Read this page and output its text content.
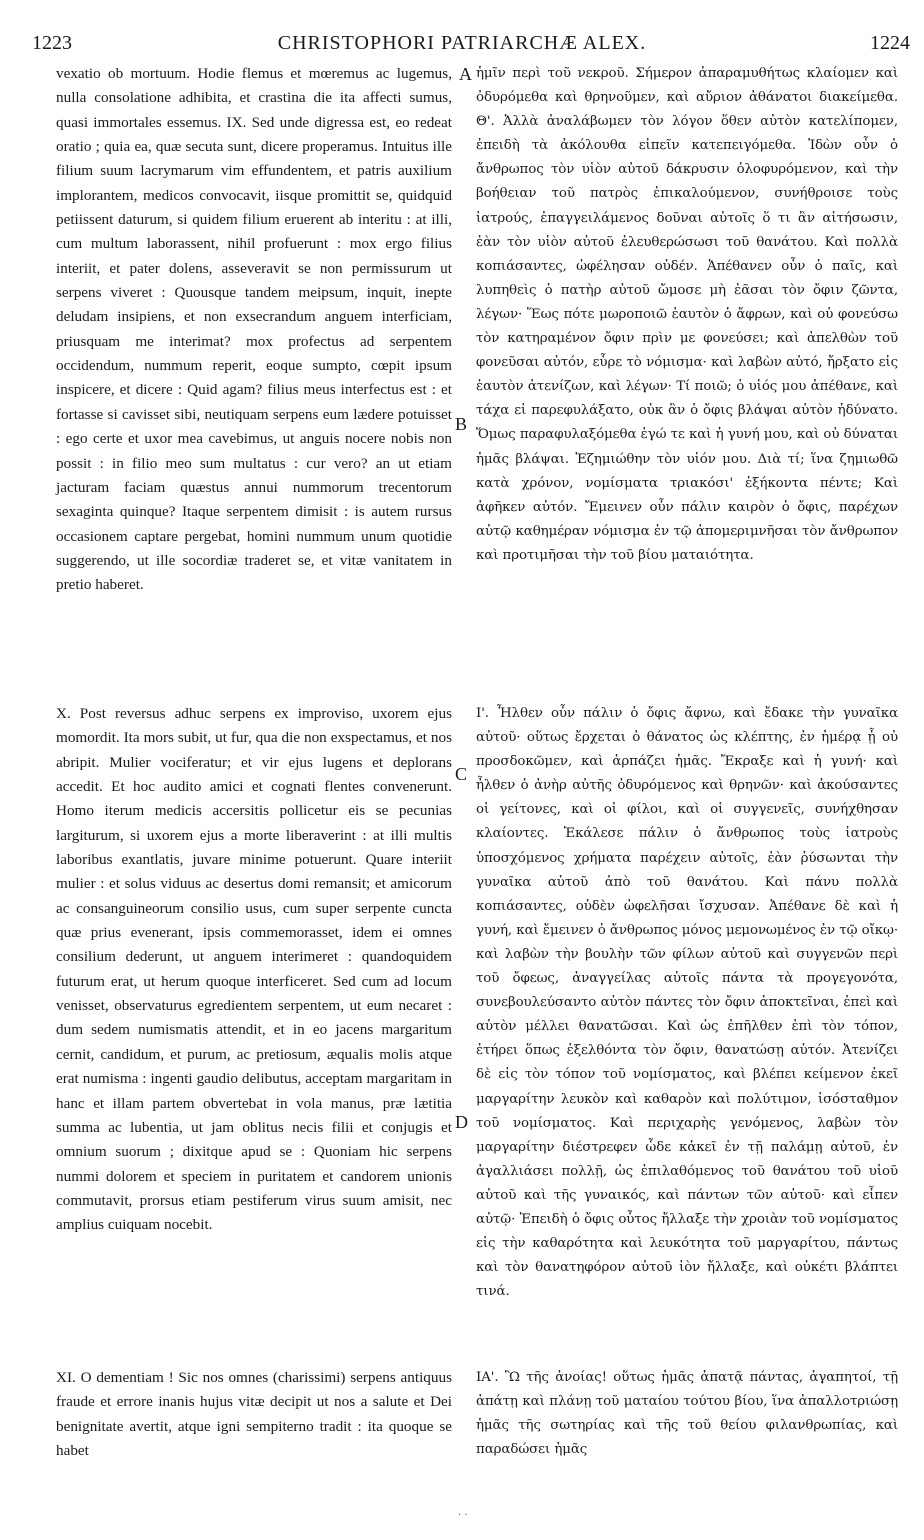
1223	CHRISTOPHORI PATRIARCHÆ ALEX.	1224

vexatio ob mortuum. Hodie flemus et mœremus ac lugemus, nulla consolatione adhibita, et crastina die ita affecti sumus, quasi immortales essemus. IX. Sed unde digressa est, eo redeat oratio ; quia ea, quæ secuta sunt, dicere properamus. Intuitus ille filium suum lacrymarum vim effundentem, et patris auxilium implorantem, medicos convocavit, iisque promittit se, quidquid petiissent daturum, si quidem filium eruerent ab interitu : at illi, cum multum laborassent, nihil profuerunt : mox ergo filius interiit, et pater dolens, asseveravit se non permissurum ut serpens viveret : Quousque tandem meipsum, inquit, inepte deludam insipiens, et non exsecrandum anguem interficiam, priusquam me interimat? mox profectus ad serpentem occidendum, nummum reperit, eoque sumpto, cœpit ipsum inspicere, et dicere : Quid agam? filius meus interfectus est : et fortasse si cavisset sibi, neutiquam serpens eum lædere potuisset : ego certe et uxor mea cavebimus, ut anguis nocere nobis non possit : in filio meo sum multatus : cur vero? an ut etiam jacturam faciam quæstus annui nummorum trecentorum sexaginta quinque? Itaque serpentem dimisit : is autem rursus occasionem captare pergebat, homini nummum unum quotidie suggerendo, ut ille socordiæ traderet se, et vitæ vanitatem in pretio haberet.

X. Post reversus adhuc serpens ex improviso, uxorem ejus momordit. Ita mors subit, ut fur, qua die non exspectamus, et nos abripit. Mulier vociferatur; et vir ejus lugens et deplorans accedit. Et hoc audito amici et cognati flentes convenerunt. Homo iterum medicis accersitis pollicetur eis se pecunias largiturum, si uxorem ejus a morte liberaverint : at illi multis laboribus exantlatis, juvare minime potuerunt. Quare interiit mulier : et solus viduus ac desertus domi remansit; et amicorum ac consanguineorum consilio usus, cum super serpente cuncta quæ prius evenerant, ipsis commemorasset, idem ei omnes consilium dederunt, ut anguem interimeret : quandoquidem futurum erat, ut herum quoque interficeret. Sed cum ad locum venisset, observaturus egredientem serpentem, ut eum necaret : dum sedem numismatis attendit, et in eo jacens margaritum cernit, candidum, et purum, ac pretiosum, æqualis molis atque erat numisma : ingenti gaudio delibutus, acceptam margaritam in hanc et illam partem obvertebat in vola manus, præ lætitia summa ac lubentia, ut jam oblitus necis filii et conjugis et omnium suorum ; dixitque apud se : Quoniam hic serpens nummi dolorem et speciem in puritatem et candorem unionis commutavit, prorsus etiam pestiferum virus suum amisit, nec amplius cuiquam nocebit.

XI. O dementiam ! Sic nos omnes (charissimi) serpens antiquus fraude et errore inanis hujus vitæ decipit ut nos a salute et Dei benignitate avertit, atque igni sempiterno tradit : ita quoque se habet

ἡμῖν περὶ τοῦ νεκροῦ. Σήμερον ἀπαραμυθήτως κλαίομεν καὶ ὀδυρόμεθα καὶ θρηνοῦμεν, καὶ αὔριον ἀθάνατοι διακείμεθα. Θ'. Ἀλλὰ ἀναλάβωμεν τὸν λόγον ὅθεν αὐτὸν κατελίπομεν, ἐπειδὴ τὰ ἀκόλουθα εἰπεῖν κατεπειγόμεθα. Ἰδὼν οὖν ὁ ἄνθρωπος τὸν υἱὸν αὐτοῦ δάκρυσιν ὀλοφυρόμενον, καὶ τὴν βοήθειαν τοῦ πατρὸς ἐπικαλούμενον, συνήθροισε τοὺς ἰατρούς, ἐπαγγειλάμενος δοῦναι αὐτοῖς ὅ τι ἂν αἰτήσωσιν, ἐὰν τὸν υἱὸν αὐτοῦ ἐλευθερώσωσι τοῦ θανάτου. Καὶ πολλὰ κοπιάσαντες, ὠφέλησαν οὐδέν. Ἀπέθανεν οὖν ὁ παῖς, καὶ λυπηθεὶς ὁ πατὴρ αὐτοῦ ὤμοσε μὴ ἐᾶσαι τὸν ὄφιν ζῶντα, λέγων· Ἕως πότε μωροποιῶ ἑαυτὸν ὁ ἄφρων, καὶ οὐ φονεύσω τὸν κατηραμένον ὄφιν πρὶν με φονεύσει; καὶ ἀπελθὼν τοῦ φονεῦσαι αὐτόν, εὗρε τὸ νόμισμα· καὶ λαβὼν αὐτό, ἤρξατο εἰς ἑαυτὸν ἀτενίζων, καὶ λέγων· Τί ποιῶ; ὁ υἱός μου ἀπέθανε, καὶ τάχα εἰ παρεφυλάξατο, οὐκ ἂν ὁ ὄφις βλάψαι αὐτὸν ἠδύνατο. Ὅμως παραφυλαξόμεθα ἐγώ τε καὶ ἡ γυνή μου, καὶ οὐ δύναται ἡμᾶς βλάψαι. Ἐζημιώθην τὸν υἱόν μου. Διὰ τί; ἵνα ζημιωθῶ κατὰ χρόνον, νομίσματα τριακόσι' ἑξήκοντα πέντε; Καὶ ἀφῆκεν αὐτόν. Ἔμεινεν οὖν πάλιν καιρὸν ὁ ὄφις, παρέχων αὐτῷ καθημέραν νόμισμα ἐν τῷ ἀπομεριμνῆσαι τὸν ἄνθρωπον καὶ προτιμῆσαι τὴν τοῦ βίου ματαιότητα.

Ι'. Ἦλθεν οὖν πάλιν ὁ ὄφις ἄφνω, καὶ ἔδακε τὴν γυναῖκα αὐτοῦ· οὕτως ἔρχεται ὁ θάνατος ὡς κλέπτης, ἐν ἡμέρᾳ ᾗ οὐ προσδοκῶμεν, καὶ ἁρπάζει ἡμᾶς. Ἔκραξε καὶ ἡ γυνή· καὶ ἦλθεν ὁ ἀνὴρ αὐτῆς ὀδυρόμενος καὶ θρηνῶν· καὶ ἀκούσαντες οἱ γείτονες, καὶ οἱ φίλοι, καὶ οἱ συγγενεῖς, συνήχθησαν κλαίοντες. Ἐκάλεσε πάλιν ὁ ἄνθρωπος τοὺς ἰατροὺς ὑποσχόμενος χρήματα παρέχειν αὐτοῖς, ἐὰν ῥύσωνται τὴν γυναῖκα αὐτοῦ ἀπὸ τοῦ θανάτου. Καὶ πάνυ πολλὰ κοπιάσαντες, οὐδὲν ὠφελῆσαι ἴσχυσαν. Ἀπέθανε δὲ καὶ ἡ γυνή, καὶ ἔμεινεν ὁ ἄνθρωπος μόνος μεμονωμένος ἐν τῷ οἴκῳ· καὶ λαβὼν τὴν βουλὴν τῶν φίλων αὐτοῦ καὶ συγγενῶν περὶ τοῦ ὄφεως, ἀναγγείλας αὐτοῖς πάντα τὰ προγεγονότα, συνεβουλεύσαντο αὐτὸν πάντες τὸν ὄφιν ἀποκτεῖναι, ἐπεὶ καὶ αὐτὸν μέλλει θανατῶσαι. Καὶ ὡς ἐπῆλθεν ἐπὶ τὸν τόπον, ἐτήρει ὅπως ἐξελθόντα τὸν ὄφιν, θανατώσῃ αὐτόν. Ἀτενίζει δὲ εἰς τὸν τόπον τοῦ νομίσματος, καὶ βλέπει κείμενον ἐκεῖ μαργαρίτην λευκὸν καὶ καθαρὸν καὶ πολύτιμον, ἰσόσταθμον τοῦ νομίσματος. Καὶ περιχαρὴς γενόμενος, λαβὼν τὸν μαργαρίτην διέστρεφεν ὧδε κἀκεῖ ἐν τῇ παλάμῃ αὐτοῦ, ἐν ἀγαλλιάσει πολλῇ, ὡς ἐπιλαθόμενος τοῦ θανάτου τοῦ υἱοῦ αὐτοῦ καὶ τῆς γυναικός, καὶ πάντων τῶν αὐτοῦ· καὶ εἶπεν αὐτῷ· Ἐπειδὴ ὁ ὄφις οὗτος ἤλλαξε τὴν χροιὰν τοῦ νομίσματος εἰς τὴν καθαρότητα καὶ λευκότητα τοῦ μαργαρίτου, πάντως καὶ τὸν θανατηφόρον αὐτοῦ ἰὸν ἤλλαξε, καὶ οὐκέτι βλάπτει τινά.

ΙΑ'. Ὢ τῆς ἀνοίας! οὕτως ἡμᾶς ἀπατᾷ πάντας, ἀγαπητοί, τῇ ἀπάτῃ καὶ πλάνῃ τοῦ ματαίου τούτου βίου, ἵνα ἀπαλλοτριώσῃ ἡμᾶς τῆς σωτηρίας καὶ τῆς τοῦ θείου φιλανθρωπίας, καὶ παραδώσει ἡμᾶς

A
B
C
D
· ·
